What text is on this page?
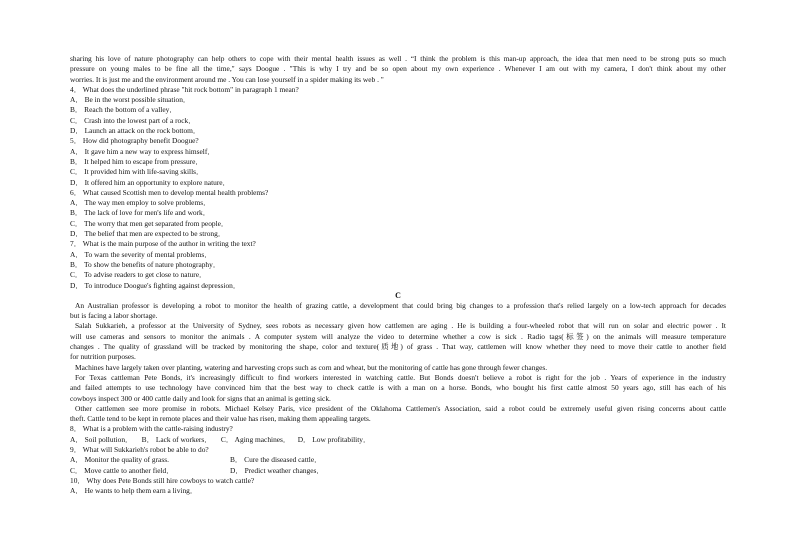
sharing his love of nature photography can help others to cope with their mental health issues as well . “I think the problem is this man-up approach, the idea that men need to be strong puts so much
pressure on young males to be fine all the time," says Doogue . "This is why I try and be so open about my own experience . Whenever I am out with my camera, I don't think about my other
worries. It is just me and the environment around me . You can lose yourself in a spider making its web . "
4． What does the underlined phrase "hit rock bottom" in paragraph 1 mean?
A． Be in the worst possible situation．
B． Reach the bottom of a valley．
C． Crash into the lowest part of a rock．
D． Launch an attack on the rock bottom．
5． How did photography benefit Doogue?
A． It gave him a new way to express himself．
B． It helped him to escape from pressure．
C． It provided him with life-saving skills．
D． It offered him an opportunity to explore nature．
6． What caused Scottish men to develop mental health problems?
A． The way men employ to solve problems．
B． The lack of love for men's life and work．
C． The worry that men get separated from people．
D． The belief that men are expected to be strong．
7． What is the main purpose of the author in writing the text?
A． To warn the severity of mental problems．
B． To show the benefits of nature photography．
C． To advise readers to get close to nature．
D． To introduce Doogue's fighting against depression．
C
An Australian professor is developing a robot to monitor the health of grazing cattle, a development that could bring big changes to a profession that's relied largely on a low-tech approach for decades
but is facing a labor shortage.
Salah Sukkarieh, a professor at the University of Sydney, sees robots as necessary given how cattlemen are aging . He is building a four-wheeled robot that will run on solar and electric power . It
will use cameras and sensors to monitor the animals . A computer system will analyze the video to determine whether a cow is sick . Radio tags(标签) on the animals will measure temperature
changes . The quality of grassland will be tracked by monitoring the shape, color and texture(质地) of grass . That way, cattlemen will know whether they need to move their cattle to another field
for nutrition purposes.
Machines have largely taken over planting, watering and harvesting crops such as corn and wheat, but the monitoring of cattle has gone through fewer changes.
For Texas cattleman Pete Bonds, it's increasingly difficult to find workers interested in watching cattle. But Bonds doesn't believe a robot is right for the job . Years of experience in the industry
and failed attempts to use technology have convinced him that the best way to check cattle is with a man on a horse. Bonds, who bought his first cattle almost 50 years ago, still has each of his
cowboys inspect 300 or 400 cattle daily and look for signs that an animal is getting sick.
Other cattlemen see more promise in robots. Michael Kelsey Paris, vice president of the Oklahoma Cattlemen's Association, said a robot could be extremely useful given rising concerns about cattle
theft. Cattle tend to be kept in remote places and their value has risen, making them appealing targets.
8． What is a problem with the cattle-raising industry?
A． Soil pollution． B． Lack of workers． C． Aging machines． D． Low profitability．
9． What will Sukkarieh's robot be able to do?
A． Monitor the quality of grass.	B． Cure the diseased cattle．
C． Move cattle to another field．	D． Predict weather changes．
10． Why does Pete Bonds still hire cowboys to watch cattle?
A． He wants to help them earn a living．
